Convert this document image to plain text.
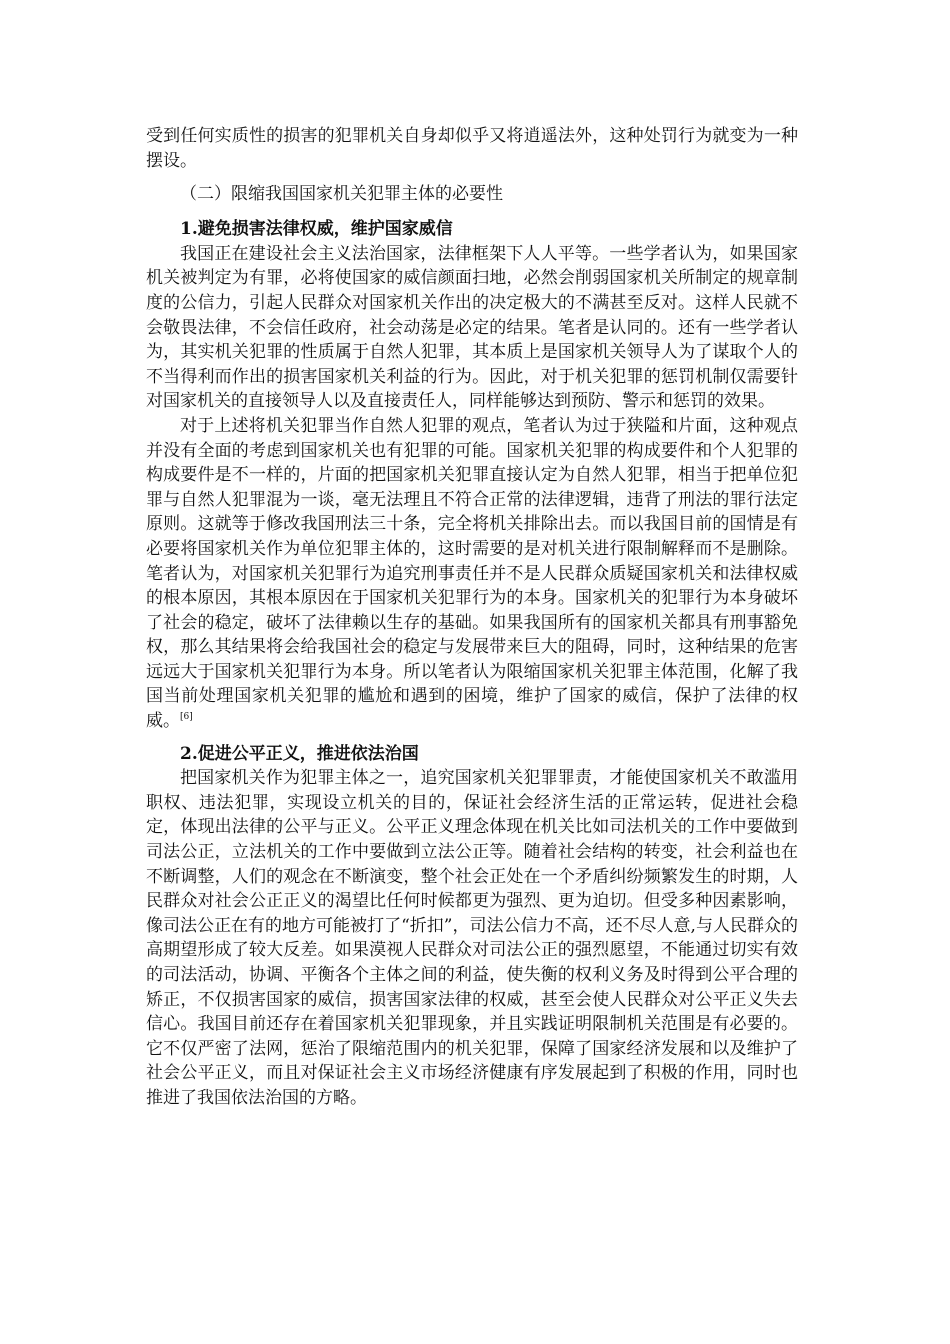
受到任何实质性的损害的犯罪机关自身却似乎又将逍遥法外，这种处罚行为就变为一种摆设。

（二）限缩我国国家机关犯罪主体的必要性
1.避免损害法律权威，维护国家威信

我国正在建设社会主义法治国家，法律框架下人人平等。一些学者认为，如果国家机关被判定为有罪，必将使国家的威信颜面扫地，必然会削弱国家机关所制定的规章制度的公信力，引起人民群众对国家机关作出的决定极大的不满甚至反对。这样人民就不会敬畏法律，不会信任政府，社会动荡是必定的结果。笔者是认同的。还有一些学者认为，其实机关犯罪的性质属于自然人犯罪，其本质上是国家机关领导人为了谋取个人的不当得利而作出的损害国家机关利益的行为。因此，对于机关犯罪的惩罚机制仅需要针对国家机关的直接领导人以及直接责任人，同样能够达到预防、警示和惩罚的效果。

对于上述将机关犯罪当作自然人犯罪的观点，笔者认为过于狭隘和片面，这种观点并没有全面的考虑到国家机关也有犯罪的可能。国家机关犯罪的构成要件和个人犯罪的构成要件是不一样的，片面的把国家机关犯罪直接认定为自然人犯罪，相当于把单位犯罪与自然人犯罪混为一谈，毫无法理且不符合正常的法律逻辑，违背了刑法的罪行法定原则。这就等于修改我国刑法三十条，完全将机关排除出去。而以我国目前的国情是有必要将国家机关作为单位犯罪主体的，这时需要的是对机关进行限制解释而不是删除。笔者认为，对国家机关犯罪行为追究刑事责任并不是人民群众质疑国家机关和法律权威的根本原因，其根本原因在于国家机关犯罪行为的本身。国家机关的犯罪行为本身破坏了社会的稳定，破坏了法律赖以生存的基础。如果我国所有的国家机关都具有刑事豁免权，那么其结果将会给我国社会的稳定与发展带来巨大的阻碍，同时，这种结果的危害远远大于国家机关犯罪行为本身。所以笔者认为限缩国家机关犯罪主体范围，化解了我国当前处理国家机关犯罪的尴尬和遇到的困境，维护了国家的威信，保护了法律的权威。[6]

2.促进公平正义，推进依法治国

把国家机关作为犯罪主体之一，追究国家机关犯罪罪责，才能使国家机关不敢滥用职权、违法犯罪，实现设立机关的目的，保证社会经济生活的正常运转，促进社会稳定，体现出法律的公平与正义。公平正义理念体现在机关比如司法机关的工作中要做到司法公正，立法机关的工作中要做到立法公正等。随着社会结构的转变，社会利益也在不断调整，人们的观念在不断演变，整个社会正处在一个矛盾纠纷频繁发生的时期，人民群众对社会公正正义的渴望比任何时候都更为强烈、更为迫切。但受多种因素影响，像司法公正在有的地方可能被打了“折扣”，司法公信力不高，还不尽人意,与人民群众的高期望形成了较大反差。如果漠视人民群众对司法公正的强烈愿望，不能通过切实有效的司法活动，协调、平衡各个主体之间的利益，使失衡的权利义务及时得到公平合理的矫正，不仅损害国家的威信，损害国家法律的权威，甚至会使人民群众对公平正义失去信心。我国目前还存在着国家机关犯罪现象，并且实践证明限制机关范围是有必要的。它不仅严密了法网，惩治了限缩范围内的机关犯罪，保障了国家经济发展和以及维护了社会公平正义，而且对保证社会主义市场经济健康有序发展起到了积极的作用，同时也推进了我国依法治国的方略。
